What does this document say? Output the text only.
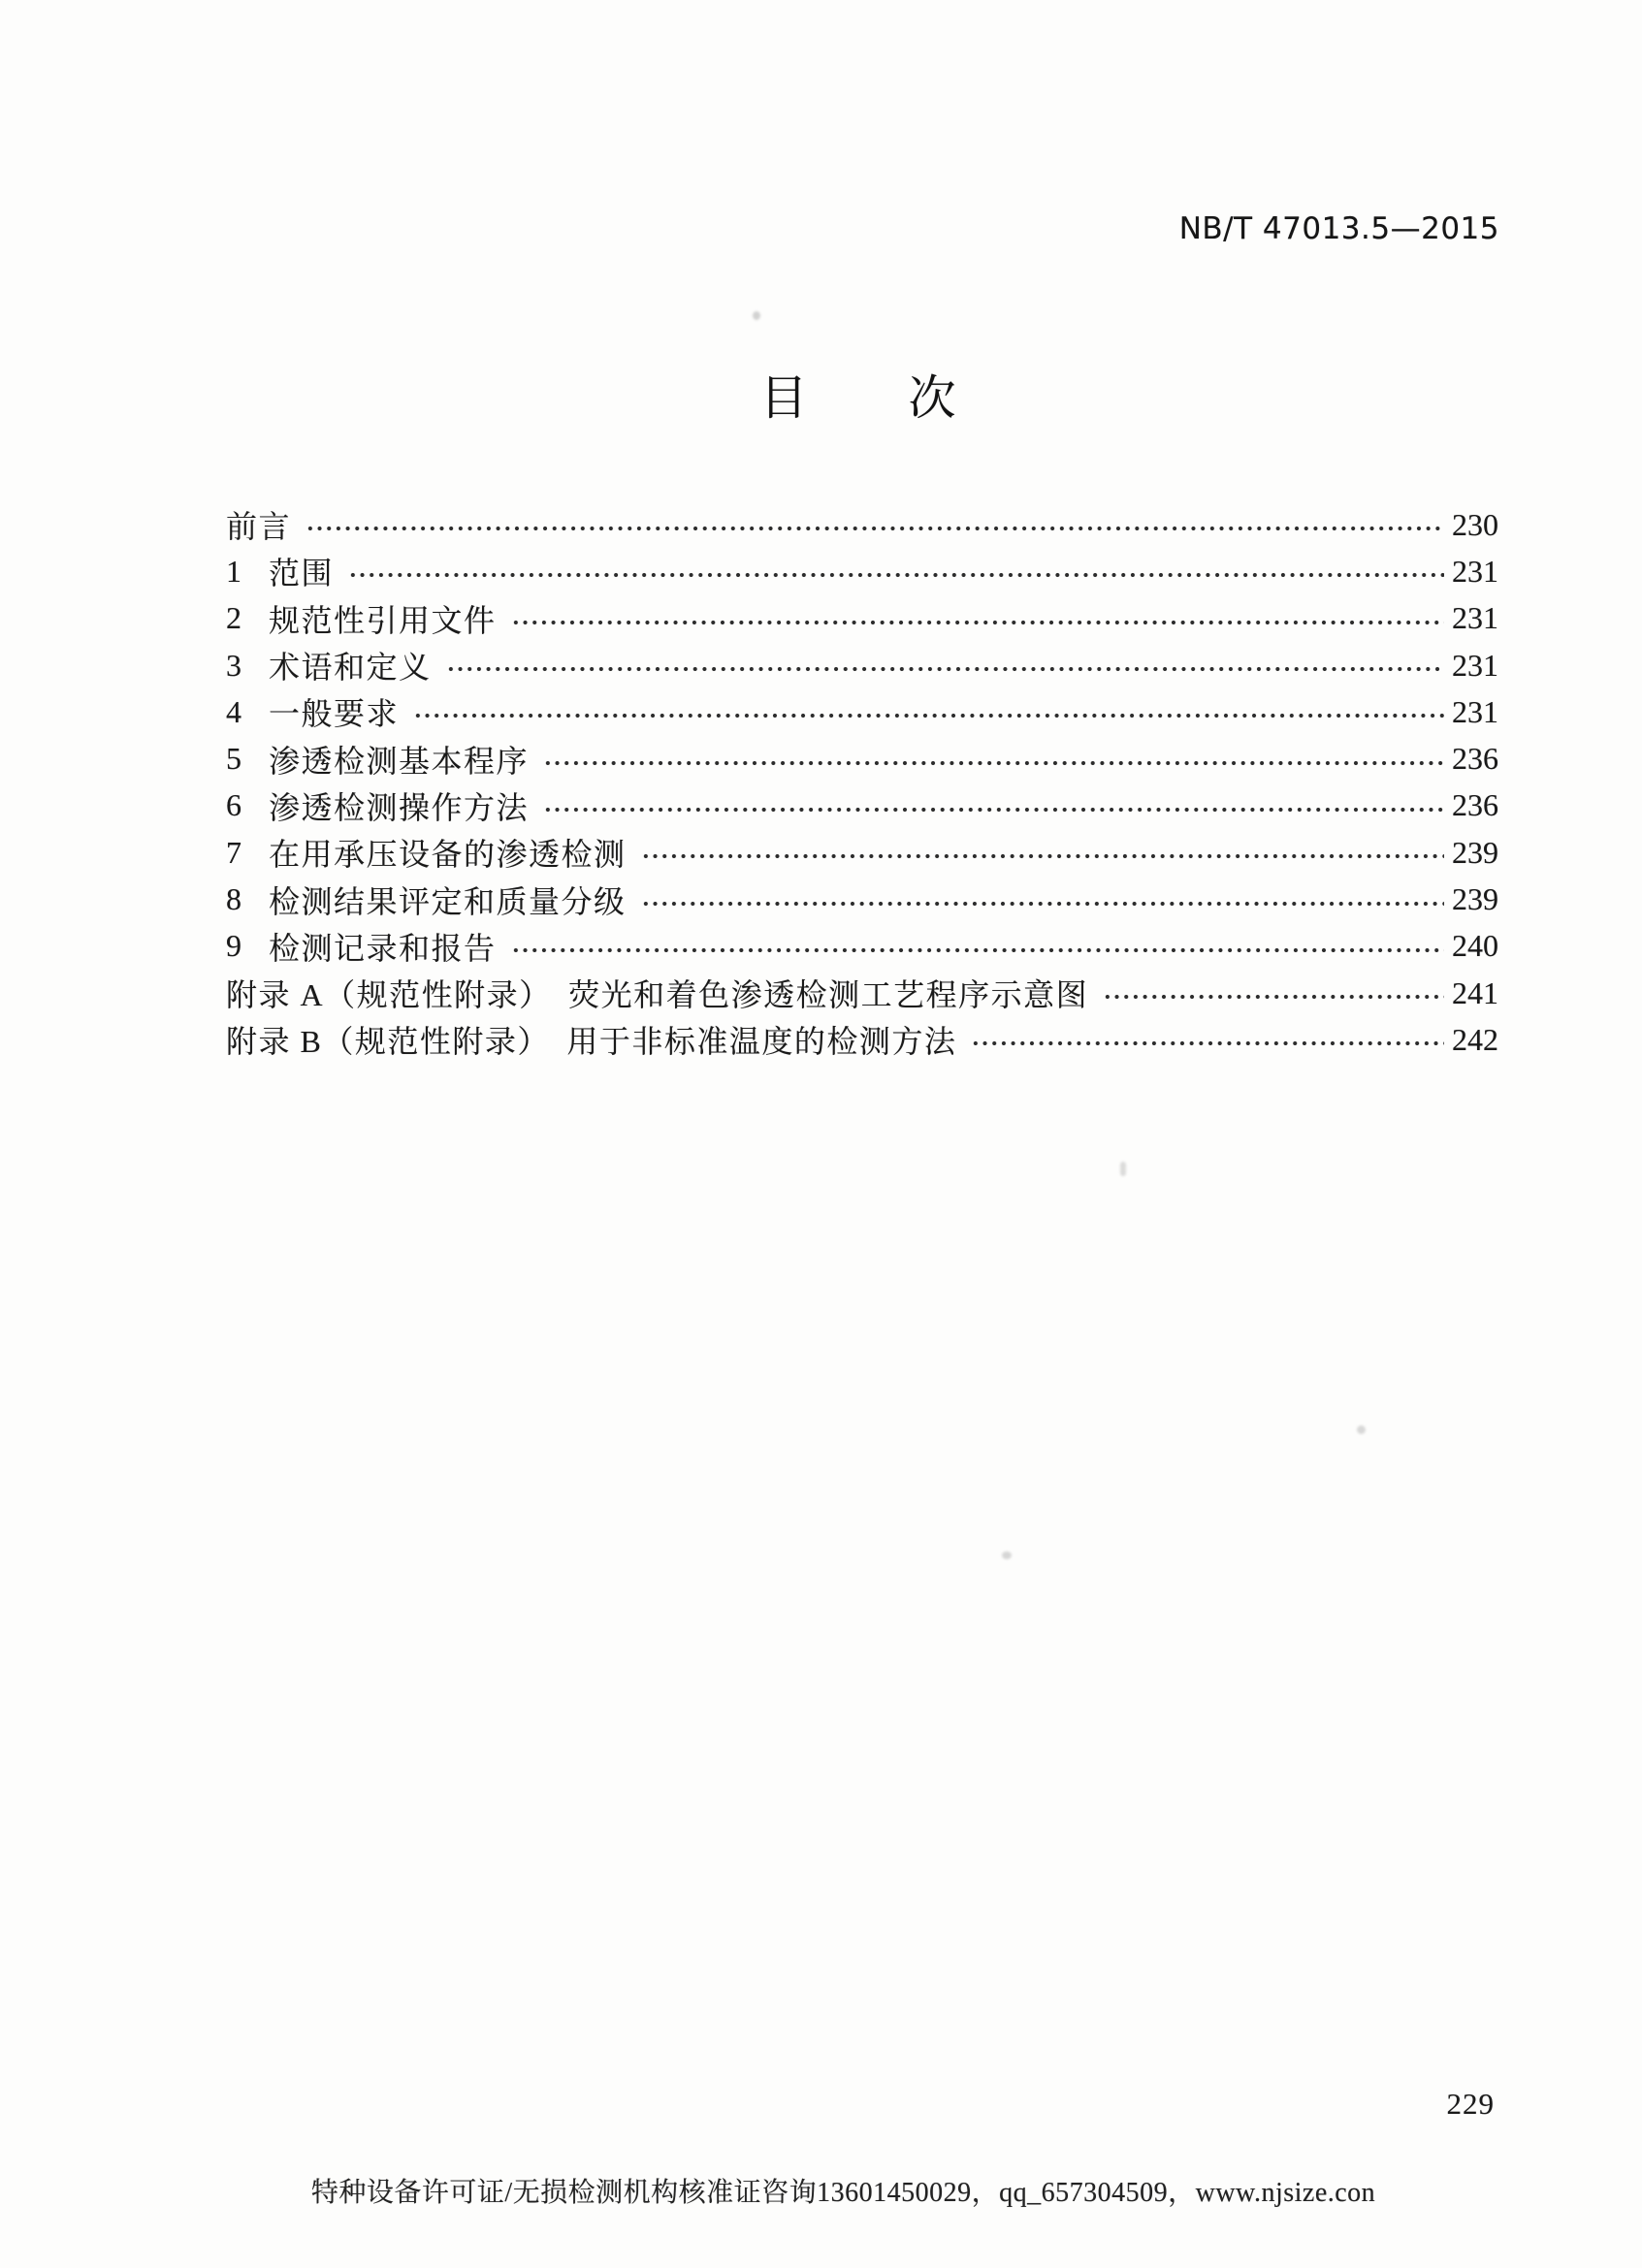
NB/T 47013.5—2015
目　　次
前言	230
1 范围	231
2 规范性引用文件	231
3 术语和定义	231
4 一般要求	231
5 渗透检测基本程序	236
6 渗透检测操作方法	236
7 在用承压设备的渗透检测	239
8 检测结果评定和质量分级	239
9 检测记录和报告	240
附录 A（规范性附录）　荧光和着色渗透检测工艺程序示意图	241
附录 B（规范性附录）　用于非标准温度的检测方法	242
229
特种设备许可证/无损检测机构核准证咨询13601450029，qq_657304509，www.njsize.con
